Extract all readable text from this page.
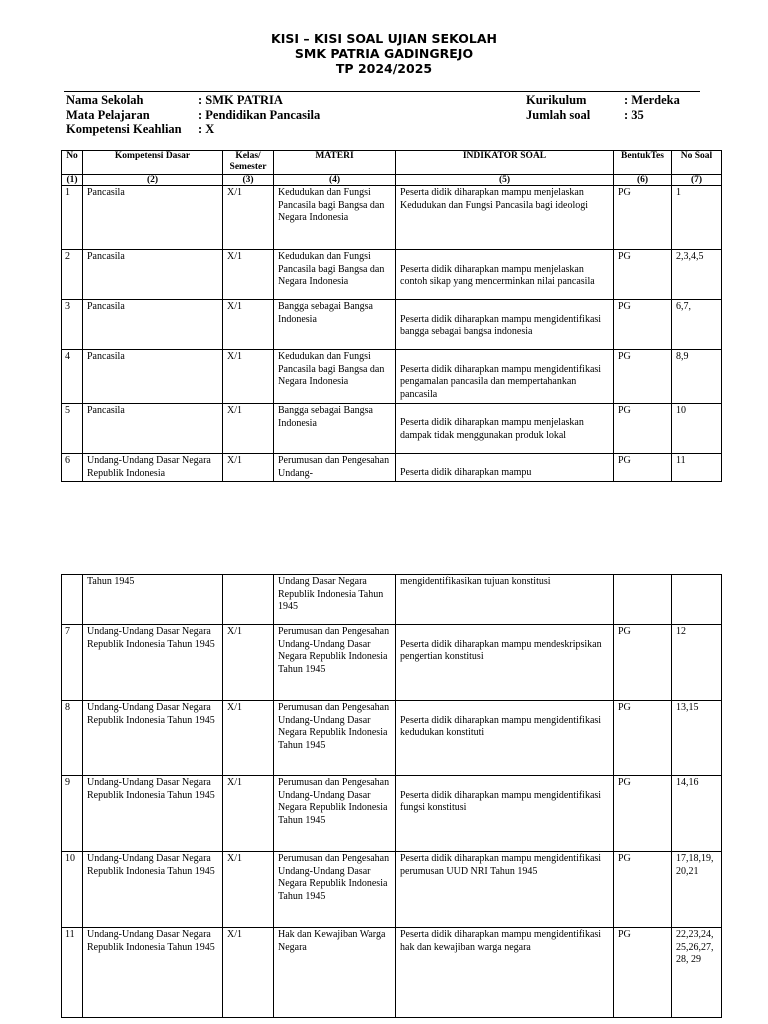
KISI – KISI SOAL UJIAN SEKOLAH
SMK PATRIA GADINGREJO
TP 2024/2025
Nama Sekolah	: SMK PATRIA
Mata Pelajaran	: Pendidikan Pancasila
Kompetensi Keahlian	: X
Kurikulum	: Merdeka
Jumlah soal	: 35
No	Kompetensi Dasar	Kelas/ Semester	MATERI	INDIKATOR SOAL	BentukTes	No Soal
(1)	(2)	(3)	(4)	(5)	(6)	(7)
1	Pancasila	X/1	Kedudukan dan Fungsi Pancasila bagi Bangsa dan Negara Indonesia	Peserta didik diharapkan mampu menjelaskan Kedudukan dan Fungsi Pancasila bagi ideologi	PG	1
2	Pancasila	X/1	Kedudukan dan Fungsi Pancasila bagi Bangsa dan Negara Indonesia	Peserta didik diharapkan mampu menjelaskan contoh sikap yang mencerminkan nilai pancasila	PG	2,3,4,5
3	Pancasila	X/1	Bangga sebagai Bangsa Indonesia	Peserta didik diharapkan mampu mengidentifikasi bangga sebagai bangsa indonesia	PG	6,7,
4	Pancasila	X/1	Kedudukan dan Fungsi Pancasila bagi Bangsa dan Negara Indonesia	Peserta didik diharapkan mampu mengidentifikasi pengamalan pancasila dan mempertahankan pancasila	PG	8,9
5	Pancasila	X/1	Bangga sebagai Bangsa Indonesia	Peserta didik diharapkan mampu menjelaskan dampak tidak menggunakan produk lokal	PG	10
6	Undang-Undang Dasar Negara Republik Indonesia	X/1	Perumusan dan Pengesahan Undang-	Peserta didik diharapkan mampu	PG	11
	Tahun 1945		Undang Dasar Negara Republik Indonesia Tahun 1945	mengidentifikasikan tujuan konstitusi		
7	Undang-Undang Dasar Negara Republik Indonesia Tahun 1945	X/1	Perumusan dan Pengesahan Undang-Undang Dasar Negara Republik Indonesia Tahun 1945	Peserta didik diharapkan mampu mendeskripsikan pengertian konstitusi	PG	12
8	Undang-Undang Dasar Negara Republik Indonesia Tahun 1945	X/1	Perumusan dan Pengesahan Undang-Undang Dasar Negara Republik Indonesia Tahun 1945	Peserta didik diharapkan mampu mengidentifikasi kedudukan konstituti	PG	13,15
9	Undang-Undang Dasar Negara Republik Indonesia Tahun 1945	X/1	Perumusan dan Pengesahan Undang-Undang Dasar Negara Republik Indonesia Tahun 1945	Peserta didik diharapkan mampu mengidentifikasi fungsi konstitusi	PG	14,16
10	Undang-Undang Dasar Negara Republik Indonesia Tahun 1945	X/1	Perumusan dan Pengesahan Undang-Undang Dasar Negara Republik Indonesia Tahun 1945	Peserta didik diharapkan mampu mengidentifikasi perumusan UUD NRI Tahun 1945	PG	17,18,19, 20,21
11	Undang-Undang Dasar Negara Republik Indonesia Tahun 1945	X/1	Hak dan Kewajiban Warga Negara	Peserta didik diharapkan mampu mengidentifikasi hak dan kewajiban warga negara	PG	22,23,24, 25,26,27, 28, 29
